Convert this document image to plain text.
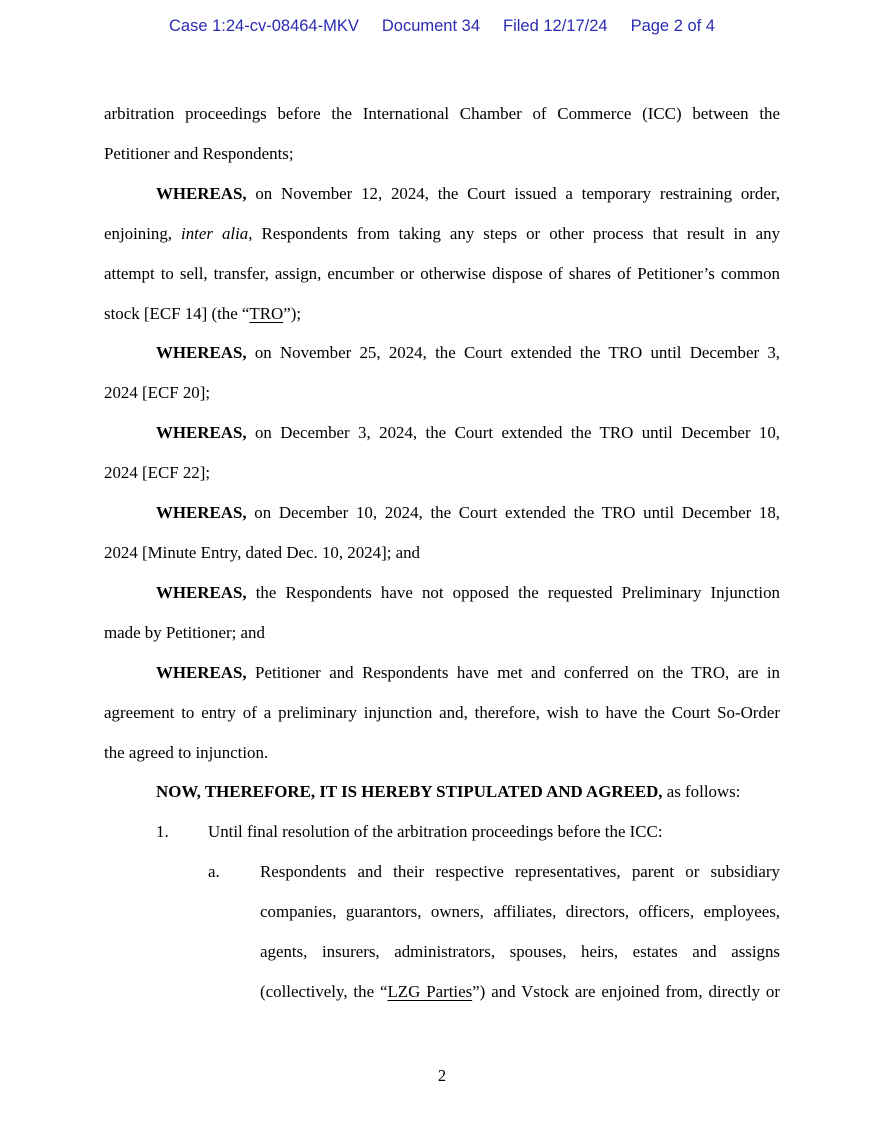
Case 1:24-cv-08464-MKV Document 34 Filed 12/17/24 Page 2 of 4
arbitration proceedings before the International Chamber of Commerce (ICC) between the
Petitioner and Respondents;
WHEREAS, on November 12, 2024, the Court issued a temporary restraining order,
enjoining, inter alia, Respondents from taking any steps or other process that result in any
attempt to sell, transfer, assign, encumber or otherwise dispose of shares of Petitioner’s common
stock [ECF 14] (the “TRO”);
WHEREAS, on November 25, 2024, the Court extended the TRO until December 3,
2024 [ECF 20];
WHEREAS, on December 3, 2024, the Court extended the TRO until December 10,
2024 [ECF 22];
WHEREAS, on December 10, 2024, the Court extended the TRO until December 18,
2024 [Minute Entry, dated Dec. 10, 2024]; and
WHEREAS, the Respondents have not opposed the requested Preliminary Injunction
made by Petitioner; and
WHEREAS, Petitioner and Respondents have met and conferred on the TRO, are in
agreement to entry of a preliminary injunction and, therefore, wish to have the Court So-Order
the agreed to injunction.
NOW, THEREFORE, IT IS HEREBY STIPULATED AND AGREED, as follows:
1. Until final resolution of the arbitration proceedings before the ICC:
a. Respondents and their respective representatives, parent or subsidiary
companies, guarantors, owners, affiliates, directors, officers, employees,
agents, insurers, administrators, spouses, heirs, estates and assigns
(collectively, the “LZG Parties”) and Vstock are enjoined from, directly or
2
